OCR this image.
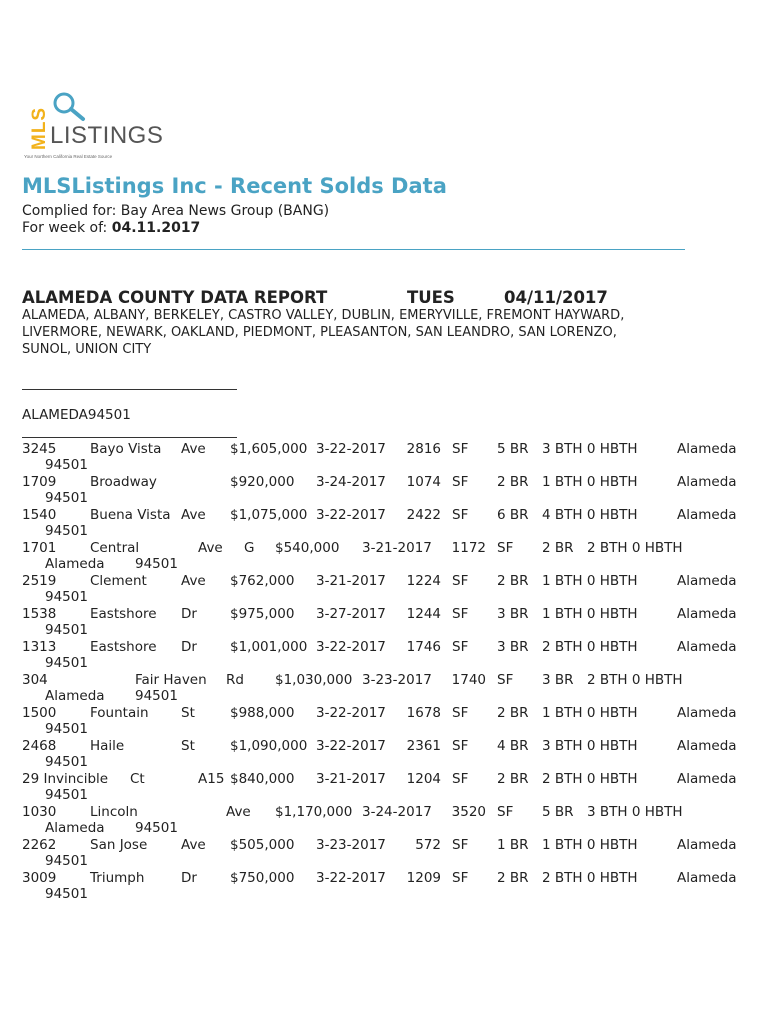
MLS LISTINGS
Your Northern California Real Estate Source
MLSListings Inc - Recent Solds Data
Complied for: Bay Area News Group (BANG)
For week of: 04.11.2017
ALAMEDA COUNTY DATA REPORT	TUES	04/11/2017
ALAMEDA, ALBANY, BERKELEY, CASTRO VALLEY, DUBLIN, EMERYVILLE, FREMONT HAYWARD, LIVERMORE, NEWARK, OAKLAND, PIEDMONT, PLEASANTON, SAN LEANDRO, SAN LORENZO, SUNOL, UNION CITY
ALAMEDA94501
3245 Bayo Vista Ave $1,605,000 3-22-2017 2816 SF 5 BR 3 BTH 0 HBTH	Alameda
94501
1709 Broadway	$920,000 3-24-2017 1074 SF 2 BR 1 BTH 0 HBTH	Alameda
94501
1540 Buena Vista Ave $1,075,000 3-22-2017 2422 SF 6 BR 4 BTH 0 HBTH	Alameda
94501
1701 Central	Ave G $540,000 3-21-2017 1172 SF 2 BR 2 BTH 0 HBTH
Alameda 94501
2519 Clement	Ave $762,000 3-21-2017 1224 SF 2 BR 1 BTH 0 HBTH	Alameda
94501
1538 Eastshore Dr $975,000 3-27-2017 1244 SF 3 BR 1 BTH 0 HBTH	Alameda
94501
1313 Eastshore Dr $1,001,000 3-22-2017 1746 SF 3 BR 2 BTH 0 HBTH	Alameda
94501
304	Fair Haven Rd $1,030,000 3-23-2017 1740 SF 3 BR 2 BTH 0 HBTH
Alameda 94501
1500 Fountain St	$988,000 3-22-2017 1678 SF 2 BR 1 BTH 0 HBTH	Alameda
94501
2468 Haile	St	$1,090,000 3-22-2017 2361 SF 4 BR 3 BTH 0 HBTH	Alameda
94501
29 Invincible Ct	A15 $840,000 3-21-2017 1204 SF 2 BR 2 BTH 0 HBTH	Alameda
94501
1030 Lincoln	Ave $1,170,000 3-24-2017 3520 SF 5 BR 3 BTH 0 HBTH
Alameda 94501
2262 San Jose Ave $505,000 3-23-2017 572 SF 1 BR 1 BTH 0 HBTH	Alameda
94501
3009 Triumph	Dr $750,000 3-22-2017 1209 SF 2 BR 2 BTH 0 HBTH	Alameda
94501
